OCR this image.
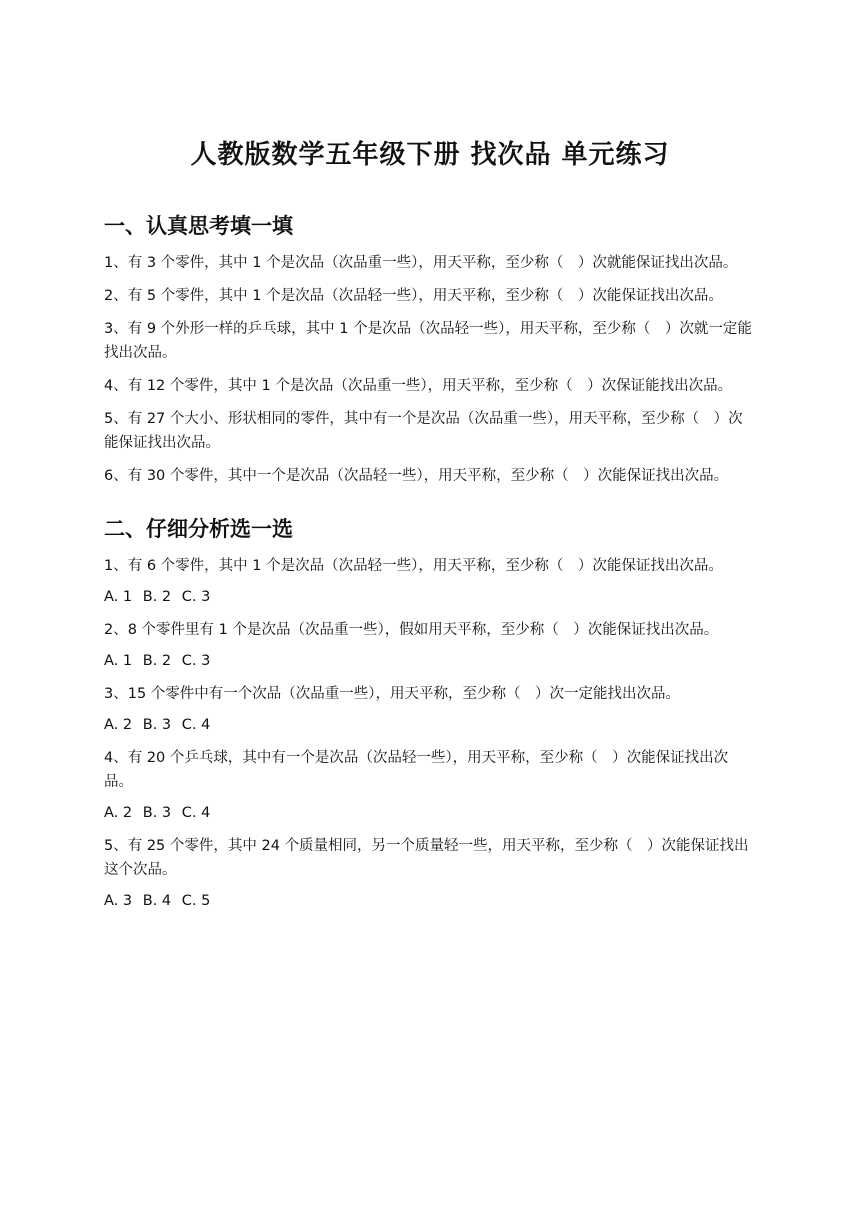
人教版数学五年级下册 找次品 单元练习
一、认真思考填一填

1、有 3 个零件，其中 1 个是次品（次品重一些），用天平称，至少称（　）次就能保证找出次品。

2、有 5 个零件，其中 1 个是次品（次品轻一些），用天平称，至少称（　）次能保证找出次品。

3、有 9 个外形一样的乒乓球，其中 1 个是次品（次品轻一些），用天平称，至少称（　）次就一定能找出次品。

4、有 12 个零件，其中 1 个是次品（次品重一些），用天平称，至少称（　）次保证能找出次品。

5、有 27 个大小、形状相同的零件，其中有一个是次品（次品重一些），用天平称，至少称（　）次能保证找出次品。

6、有 30 个零件，其中一个是次品（次品轻一些），用天平称，至少称（　）次能保证找出次品。

二、仔细分析选一选

1、有 6 个零件，其中 1 个是次品（次品轻一些），用天平称，至少称（　）次能保证找出次品。

A. 1 B. 2 C. 3

2、8 个零件里有 1 个是次品（次品重一些），假如用天平称，至少称（　）次能保证找出次品。

A. 1 B. 2 C. 3

3、15 个零件中有一个次品（次品重一些），用天平称，至少称（　）次一定能找出次品。

A. 2 B. 3 C. 4

4、有 20 个乒乓球，其中有一个是次品（次品轻一些），用天平称，至少称（　）次能保证找出次品。

A. 2 B. 3 C. 4

5、有 25 个零件，其中 24 个质量相同，另一个质量轻一些，用天平称，至少称（　）次能保证找出这个次品。

A. 3 B. 4 C. 5
